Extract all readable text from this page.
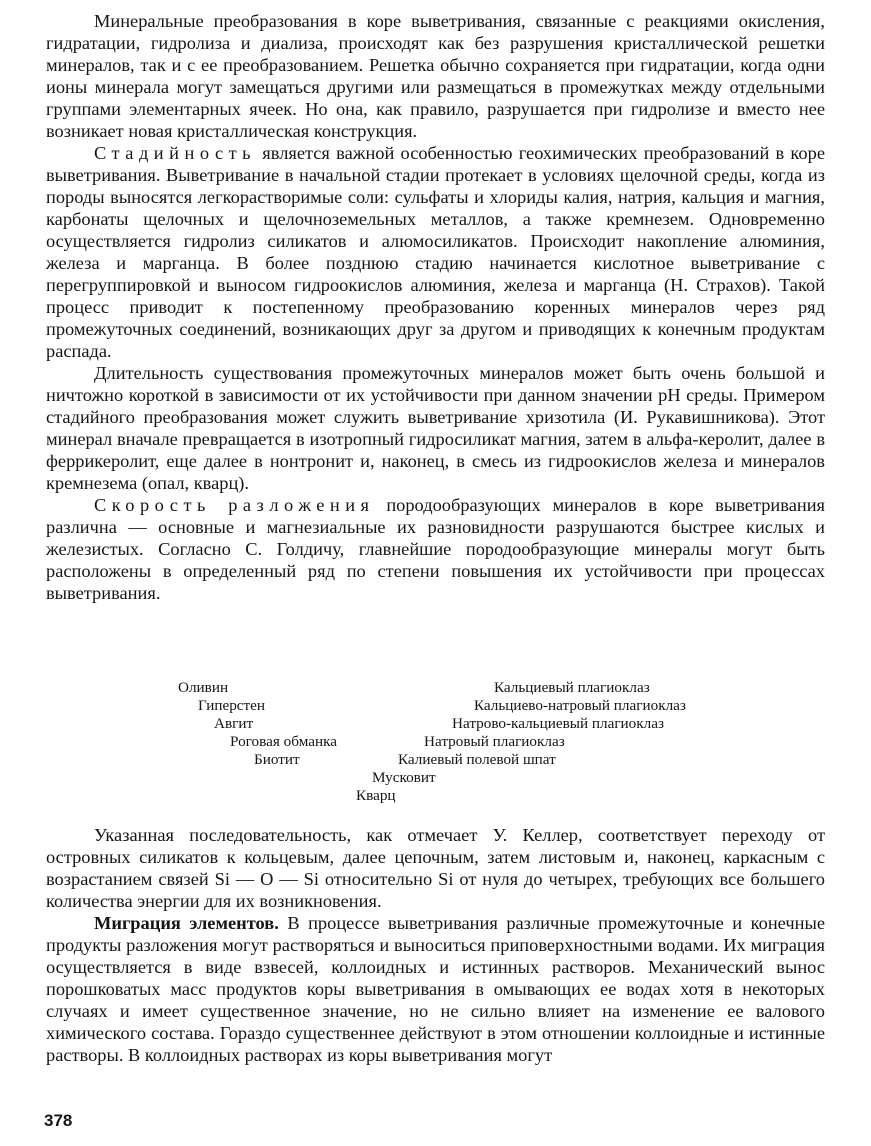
Минеральные преобразования в коре выветривания, связанные с реакциями окисления, гидратации, гидролиза и диализа, происходят как без разрушения кристаллической решетки минералов, так и с ее преобразованием. Решетка обычно сохраняется при гидратации, когда одни ионы минерала могут замещаться другими или размещаться в промежутках между отдельными группами элементарных ячеек. Но она, как правило, разрушается при гидролизе и вместо нее возникает новая кристаллическая конструкция.

Стадийность является важной особенностью геохимических преобразований в коре выветривания. Выветривание в начальной стадии протекает в условиях щелочной среды, когда из породы выносятся легкорастворимые соли: сульфаты и хлориды калия, натрия, кальция и магния, карбонаты щелочных и щелочноземельных металлов, а также кремнезем. Одновременно осуществляется гидролиз силикатов и алюмосиликатов. Происходит накопление алюминия, железа и марганца. В более позднюю стадию начинается кислотное выветривание с перегруппировкой и выносом гидроокислов алюминия, железа и марганца (Н. Страхов). Такой процесс приводит к постепенному преобразованию коренных минералов через ряд промежуточных соединений, возникающих друг за другом и приводящих к конечным продуктам распада.

Длительность существования промежуточных минералов может быть очень большой и ничтожно короткой в зависимости от их устойчивости при данном значении pH среды. Примером стадийного преобразования может служить выветривание хризотила (И. Рукавишникова). Этот минерал вначале превращается в изотропный гидросиликат магния, затем в альфа-керолит, далее в феррикеролит, еще далее в нонтронит и, наконец, в смесь из гидроокислов железа и минералов кремнезема (опал, кварц).

Скорость разложения породообразующих минералов в коре выветривания различна — основные и магнезиальные их разновидности разрушаются быстрее кислых и железистых. Согласно С. Голдичу, главнейшие породообразующие минералы могут быть расположены в определенный ряд по степени повышения их устойчивости при процессах выветривания.

Оливин
Гиперстен
Авгит
Роговая обманка
Биотит
Кальциевый плагиоклаз
Кальциево-натровый плагиоклаз
Натрово-кальциевый плагиоклаз
Натровый плагиоклаз
Калиевый полевой шпат
Мусковит
Кварц

Указанная последовательность, как отмечает У. Келлер, соответствует переходу от островных силикатов к кольцевым, далее цепочным, затем листовым и, наконец, каркасным с возрастанием связей Si — O — Si относительно Si от нуля до четырех, требующих все большего количества энергии для их возникновения.

Миграция элементов. В процессе выветривания различные промежуточные и конечные продукты разложения могут растворяться и выноситься приповерхностными водами. Их миграция осуществляется в виде взвесей, коллоидных и истинных растворов. Механический вынос порошковатых масс продуктов коры выветривания в омывающих ее водах хотя в некоторых случаях и имеет существенное значение, но не сильно влияет на изменение ее валового химического состава. Гораздо существеннее действуют в этом отношении коллоидные и истинные растворы. В коллоидных растворах из коры выветривания могут

378
